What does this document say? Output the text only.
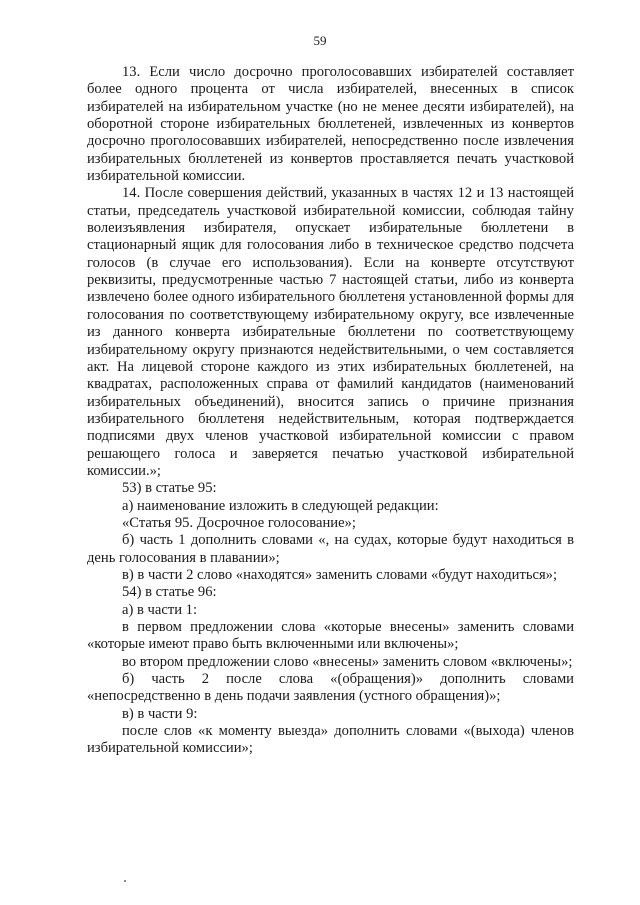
59

13. Если число досрочно проголосовавших избирателей составляет более одного процента от числа избирателей, внесенных в список избирателей на избирательном участке (но не менее десяти избирателей), на оборотной стороне избирательных бюллетеней, извлеченных из конвертов досрочно проголосовавших избирателей, непосредственно после извлечения избирательных бюллетеней из конвертов проставляется печать участковой избирательной комиссии.

14. После совершения действий, указанных в частях 12 и 13 настоящей статьи, председатель участковой избирательной комиссии, соблюдая тайну волеизъявления избирателя, опускает избирательные бюллетени в стационарный ящик для голосования либо в техническое средство подсчета голосов (в случае его использования). Если на конверте отсутствуют реквизиты, предусмотренные частью 7 настоящей статьи, либо из конверта извлечено более одного избирательного бюллетеня установленной формы для голосования по соответствующему избирательному округу, все извлеченные из данного конверта избирательные бюллетени по соответствующему избирательному округу признаются недействительными, о чем составляется акт. На лицевой стороне каждого из этих избирательных бюллетеней, на квадратах, расположенных справа от фамилий кандидатов (наименований избирательных объединений), вносится запись о причине признания избирательного бюллетеня недействительным, которая подтверждается подписями двух членов участковой избирательной комиссии с правом решающего голоса и заверяется печатью участковой избирательной комиссии.»;

53) в статье 95:

а) наименование изложить в следующей редакции:

«Статья 95. Досрочное голосование»;

б) часть 1 дополнить словами «, на судах, которые будут находиться в день голосования в плавании»;

в) в части 2 слово «находятся» заменить словами «будут находиться»;

54) в статье 96:

а) в части 1:

в первом предложении слова «которые внесены» заменить словами «которые имеют право быть включенными или включены»;

во втором предложении слово «внесены» заменить словом «включены»;

б) часть 2 после слова «(обращения)» дополнить словами «непосредственно в день подачи заявления (устного обращения)»;

в) в части 9:

после слов «к моменту выезда» дополнить словами «(выхода) членов избирательной комиссии»;
